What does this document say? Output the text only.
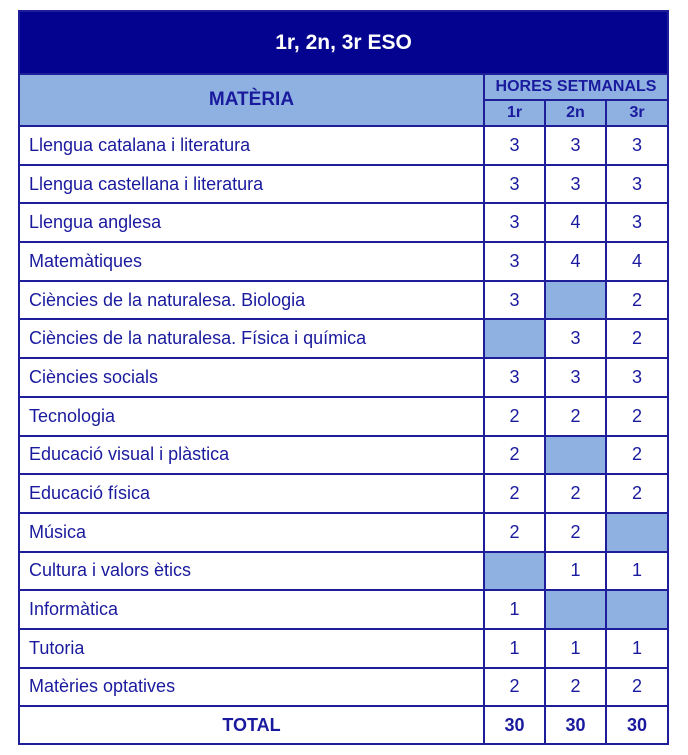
1r, 2n, 3r ESO			
MATÈRIA	HORES SETMANALS		
	1r	2n	3r
Llengua catalana i literatura	3	3	3
Llengua castellana i literatura	3	3	3
Llengua anglesa	3	4	3
Matemàtiques	3	4	4
Ciències de la naturalesa. Biologia	3		2
Ciències de la naturalesa. Física i química		3	2
Ciències socials	3	3	3
Tecnologia	2	2	2
Educació visual i plàstica	2		2
Educació física	2	2	2
Música	2	2	
Cultura i valors ètics		1	1
Informàtica	1		
Tutoria	1	1	1
Matèries optatives	2	2	2
TOTAL	30	30	30
